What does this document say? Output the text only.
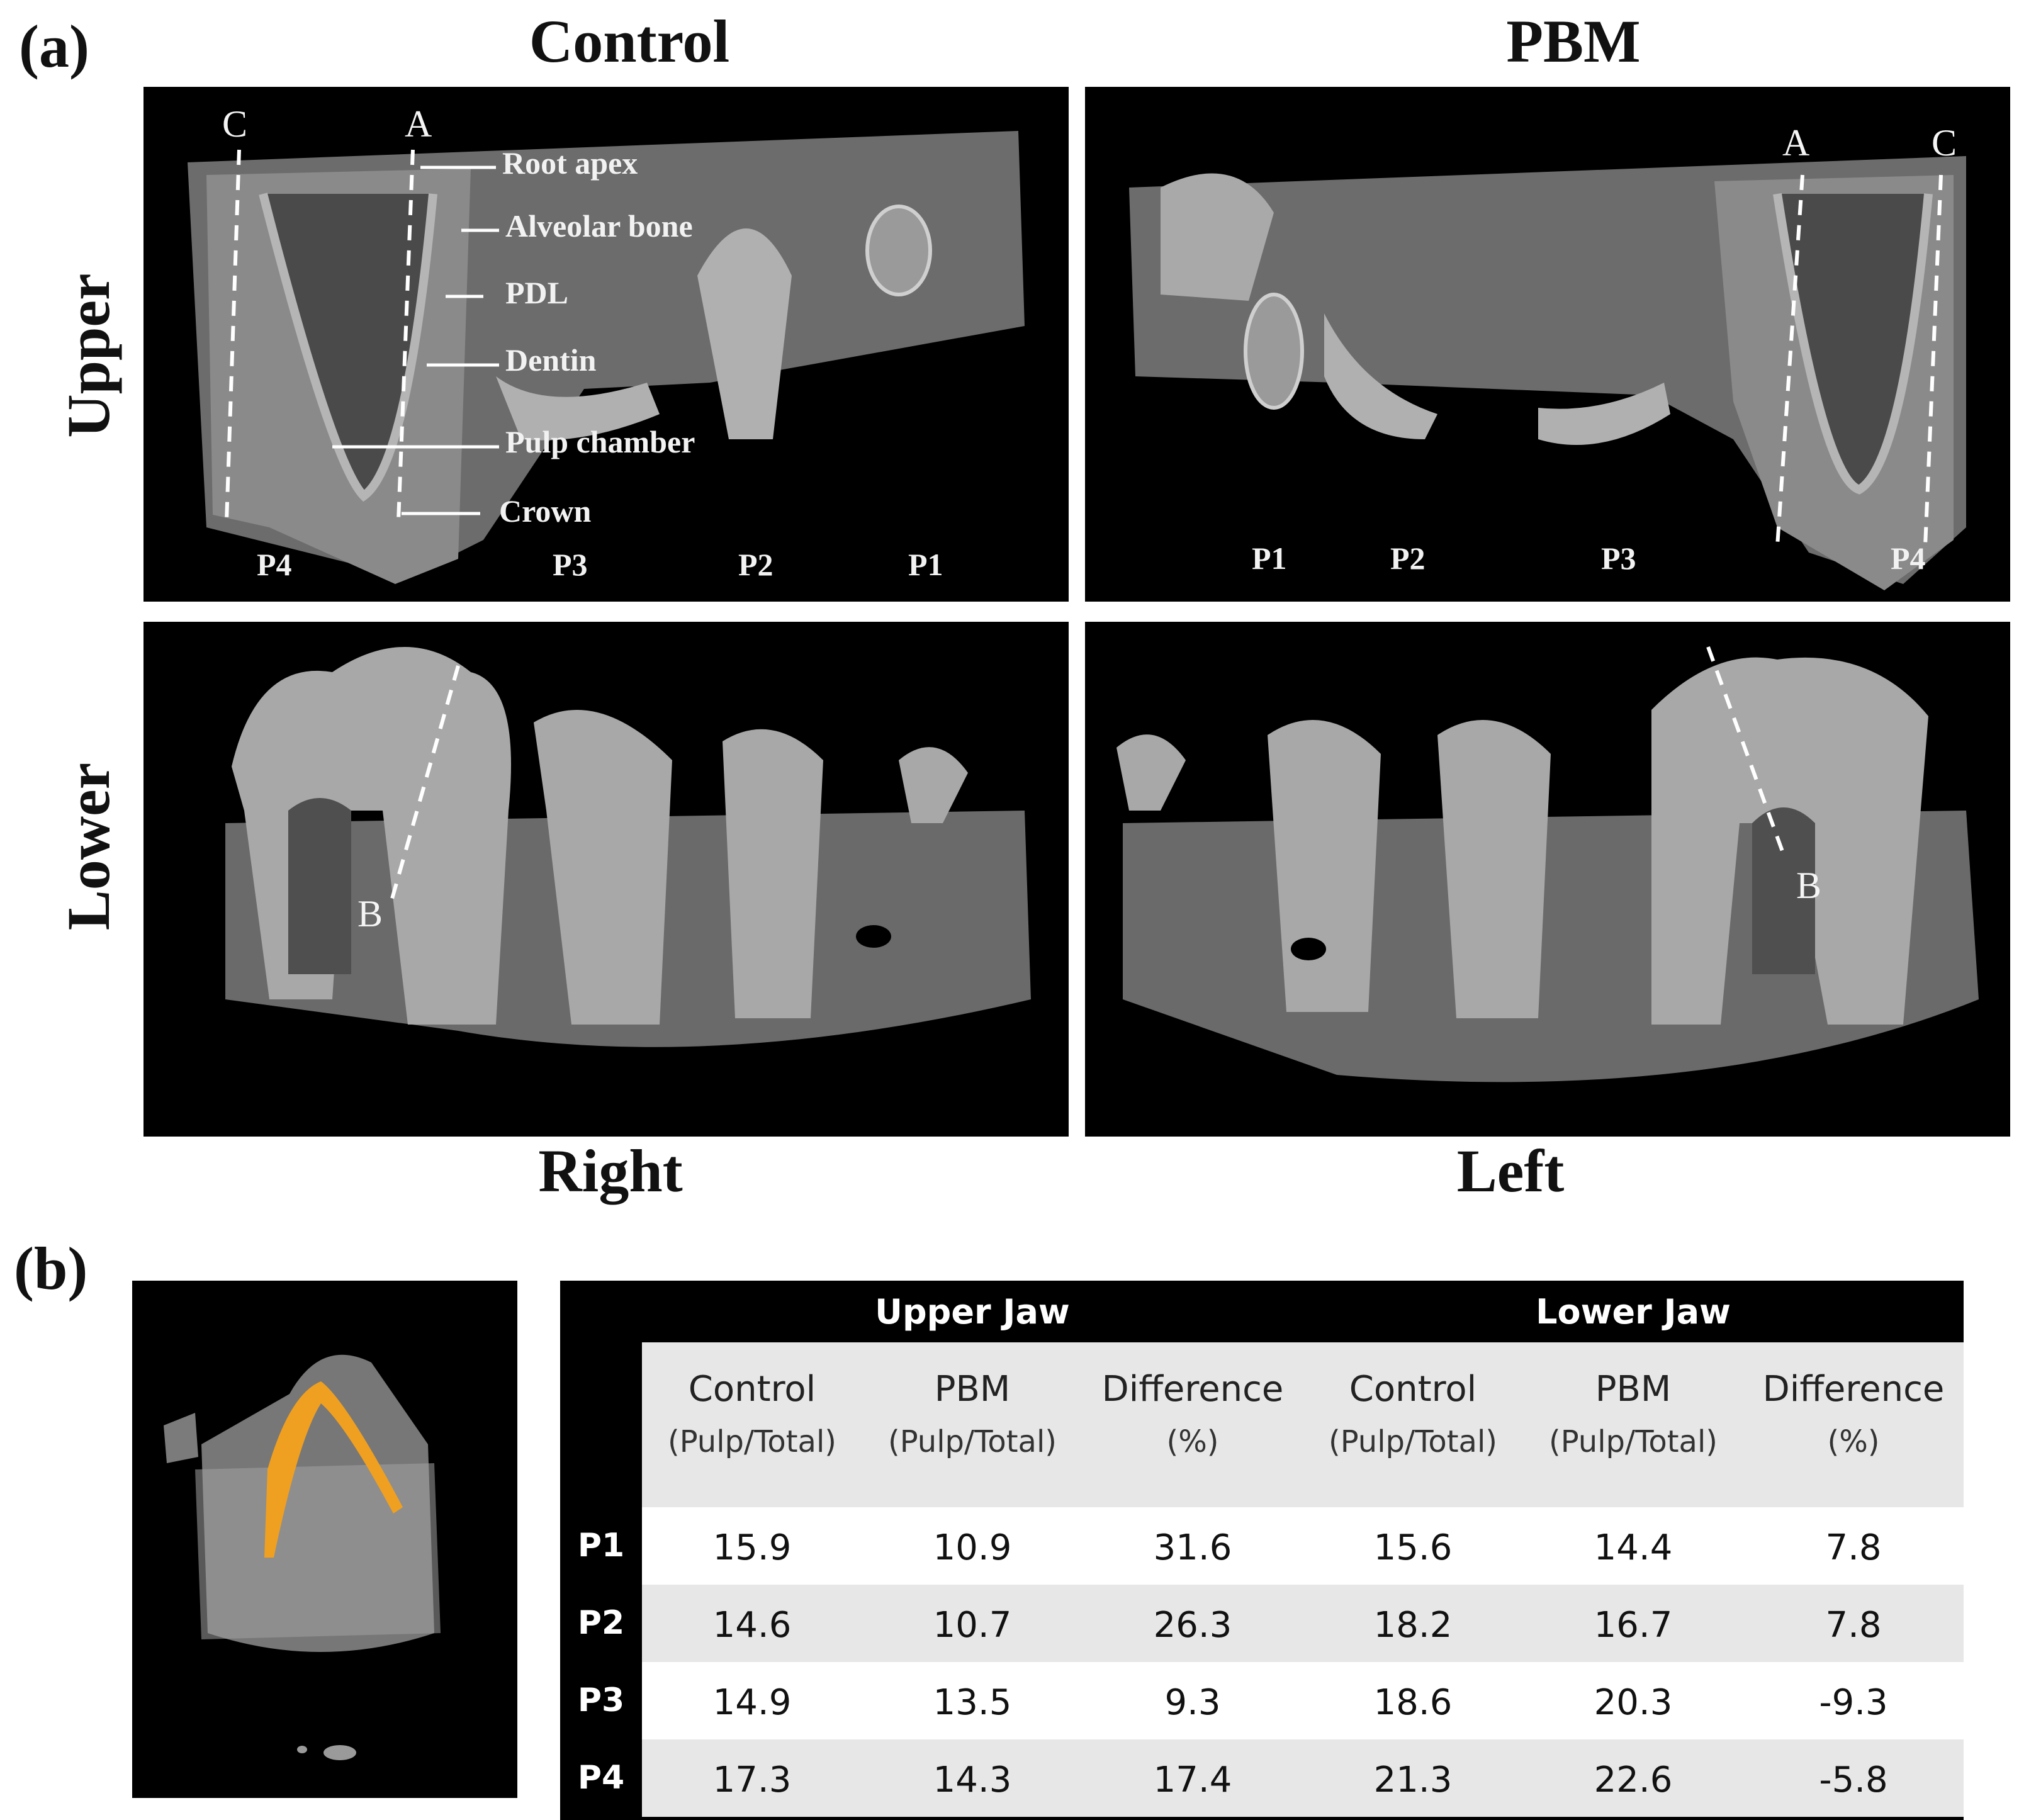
(a)	Control	PBM
Upper
Lower
Right	Left
C	A
Root apex
Alveolar bone
PDL
Dentin
Pulp chamber
Crown
P4	P3	P2	P1
A	C
P1	P2	P3	P4
B
B
(b)
Upper Jaw	Lower Jaw
Control
(Pulp/Total)
PBM
(Pulp/Total)
Difference
(%)
Control
(Pulp/Total)
PBM
(Pulp/Total)
Difference
(%)
P1	15.9	10.9	31.6	15.6	14.4	7.8
P2	14.6	10.7	26.3	18.2	16.7	7.8
P3	14.9	13.5	9.3	18.6	20.3	-9.3
P4	17.3	14.3	17.4	21.3	22.6	-5.8
